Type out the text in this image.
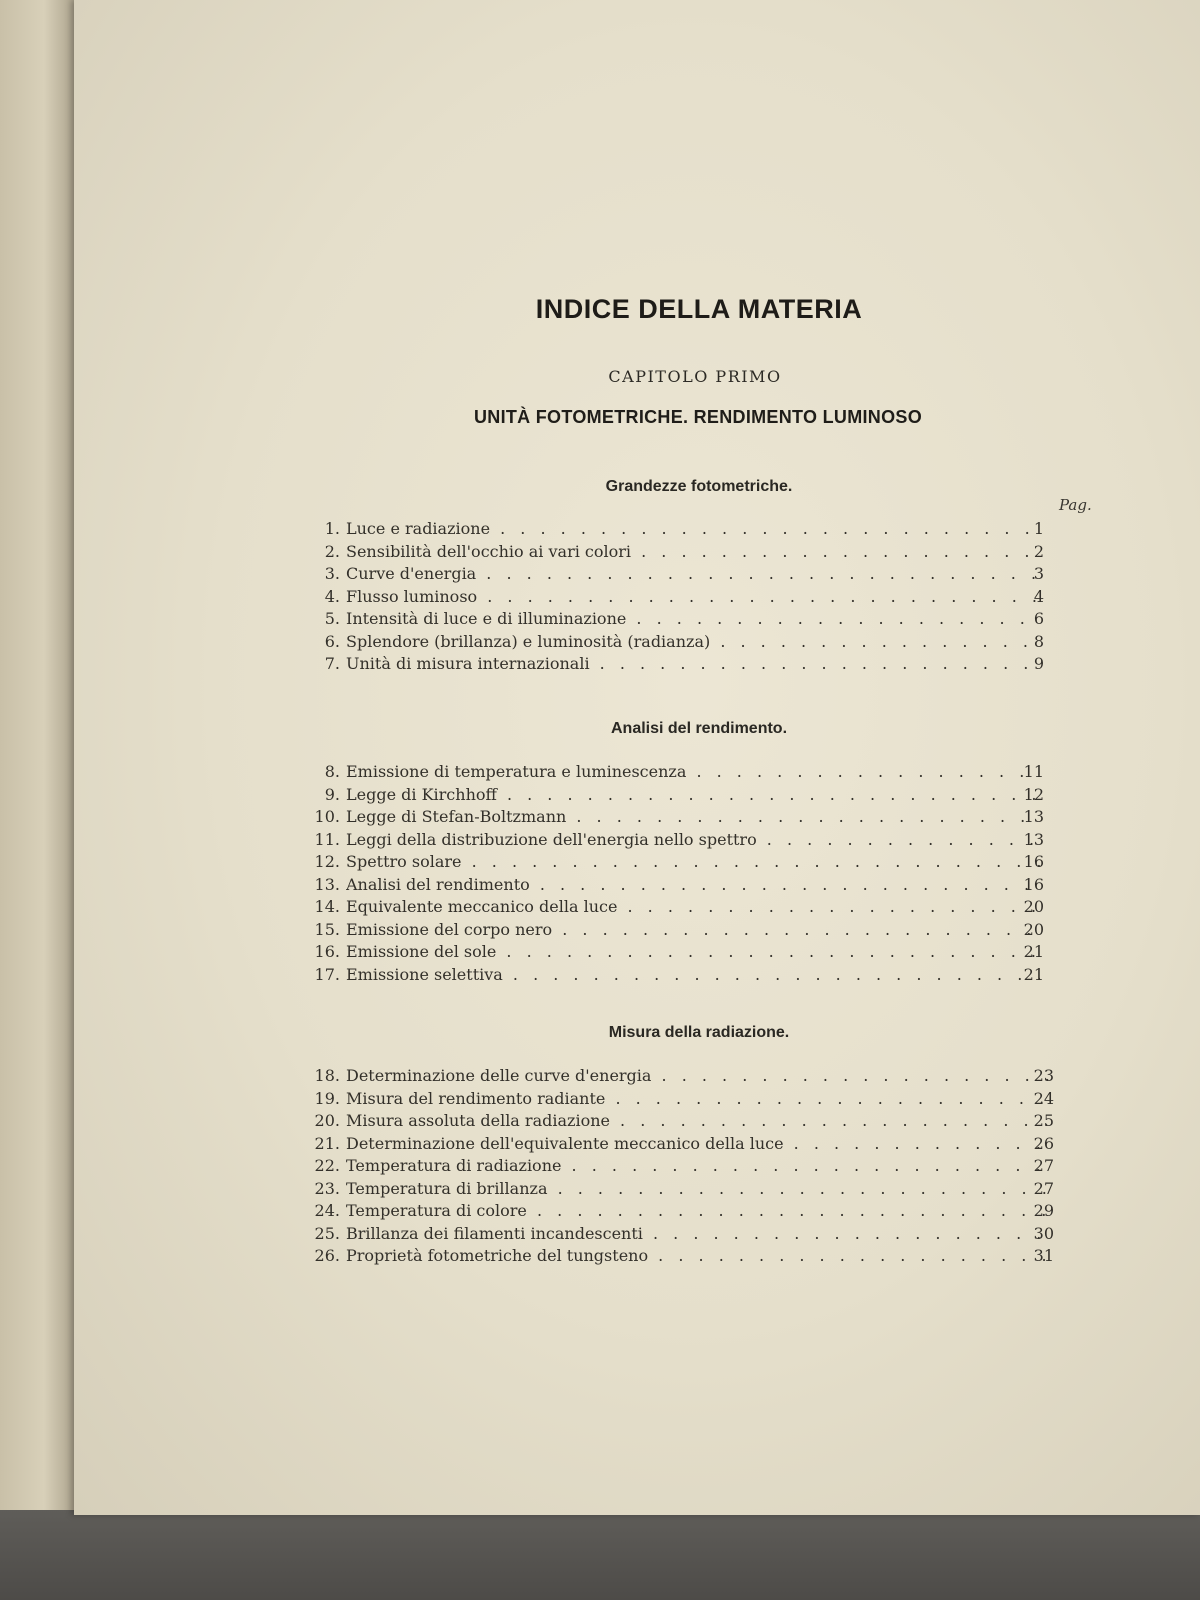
INDICE DELLA MATERIA
CAPITOLO PRIMO
UNITÀ FOTOMETRICHE. RENDIMENTO LUMINOSO
Pag.
Grandezze fotometriche.
1. Luce e radiazione . . .	1
2. Sensibilità dell'occhio ai vari colori . . .	2
3. Curve d'energia . . .	3
4. Flusso luminoso . . .	4
5. Intensità di luce e di illuminazione . . .	6
6. Splendore (brillanza) e luminosità (radianza) . . .	8
7. Unità di misura internazionali . . .	9
Analisi del rendimento.
8. Emissione di temperatura e luminescenza . . .	11
9. Legge di Kirchhoff . . .	12
10. Legge di Stefan-Boltzmann . . .	13
11. Leggi della distribuzione dell'energia nello spettro . . .	13
12. Spettro solare . . .	16
13. Analisi del rendimento . . .	16
14. Equivalente meccanico della luce . . .	20
15. Emissione del corpo nero . . .	20
16. Emissione del sole . . .	21
17. Emissione selettiva . . .	21
Misura della radiazione.
18. Determinazione delle curve d'energia . . .	23
19. Misura del rendimento radiante . . .	24
20. Misura assoluta della radiazione . . .	25
21. Determinazione dell'equivalente meccanico della luce . . .	26
22. Temperatura di radiazione . . .	27
23. Temperatura di brillanza . . .	27
24. Temperatura di colore . . .	29
25. Brillanza dei filamenti incandescenti . . .	30
26. Proprietà fotometriche del tungsteno . . .	31
